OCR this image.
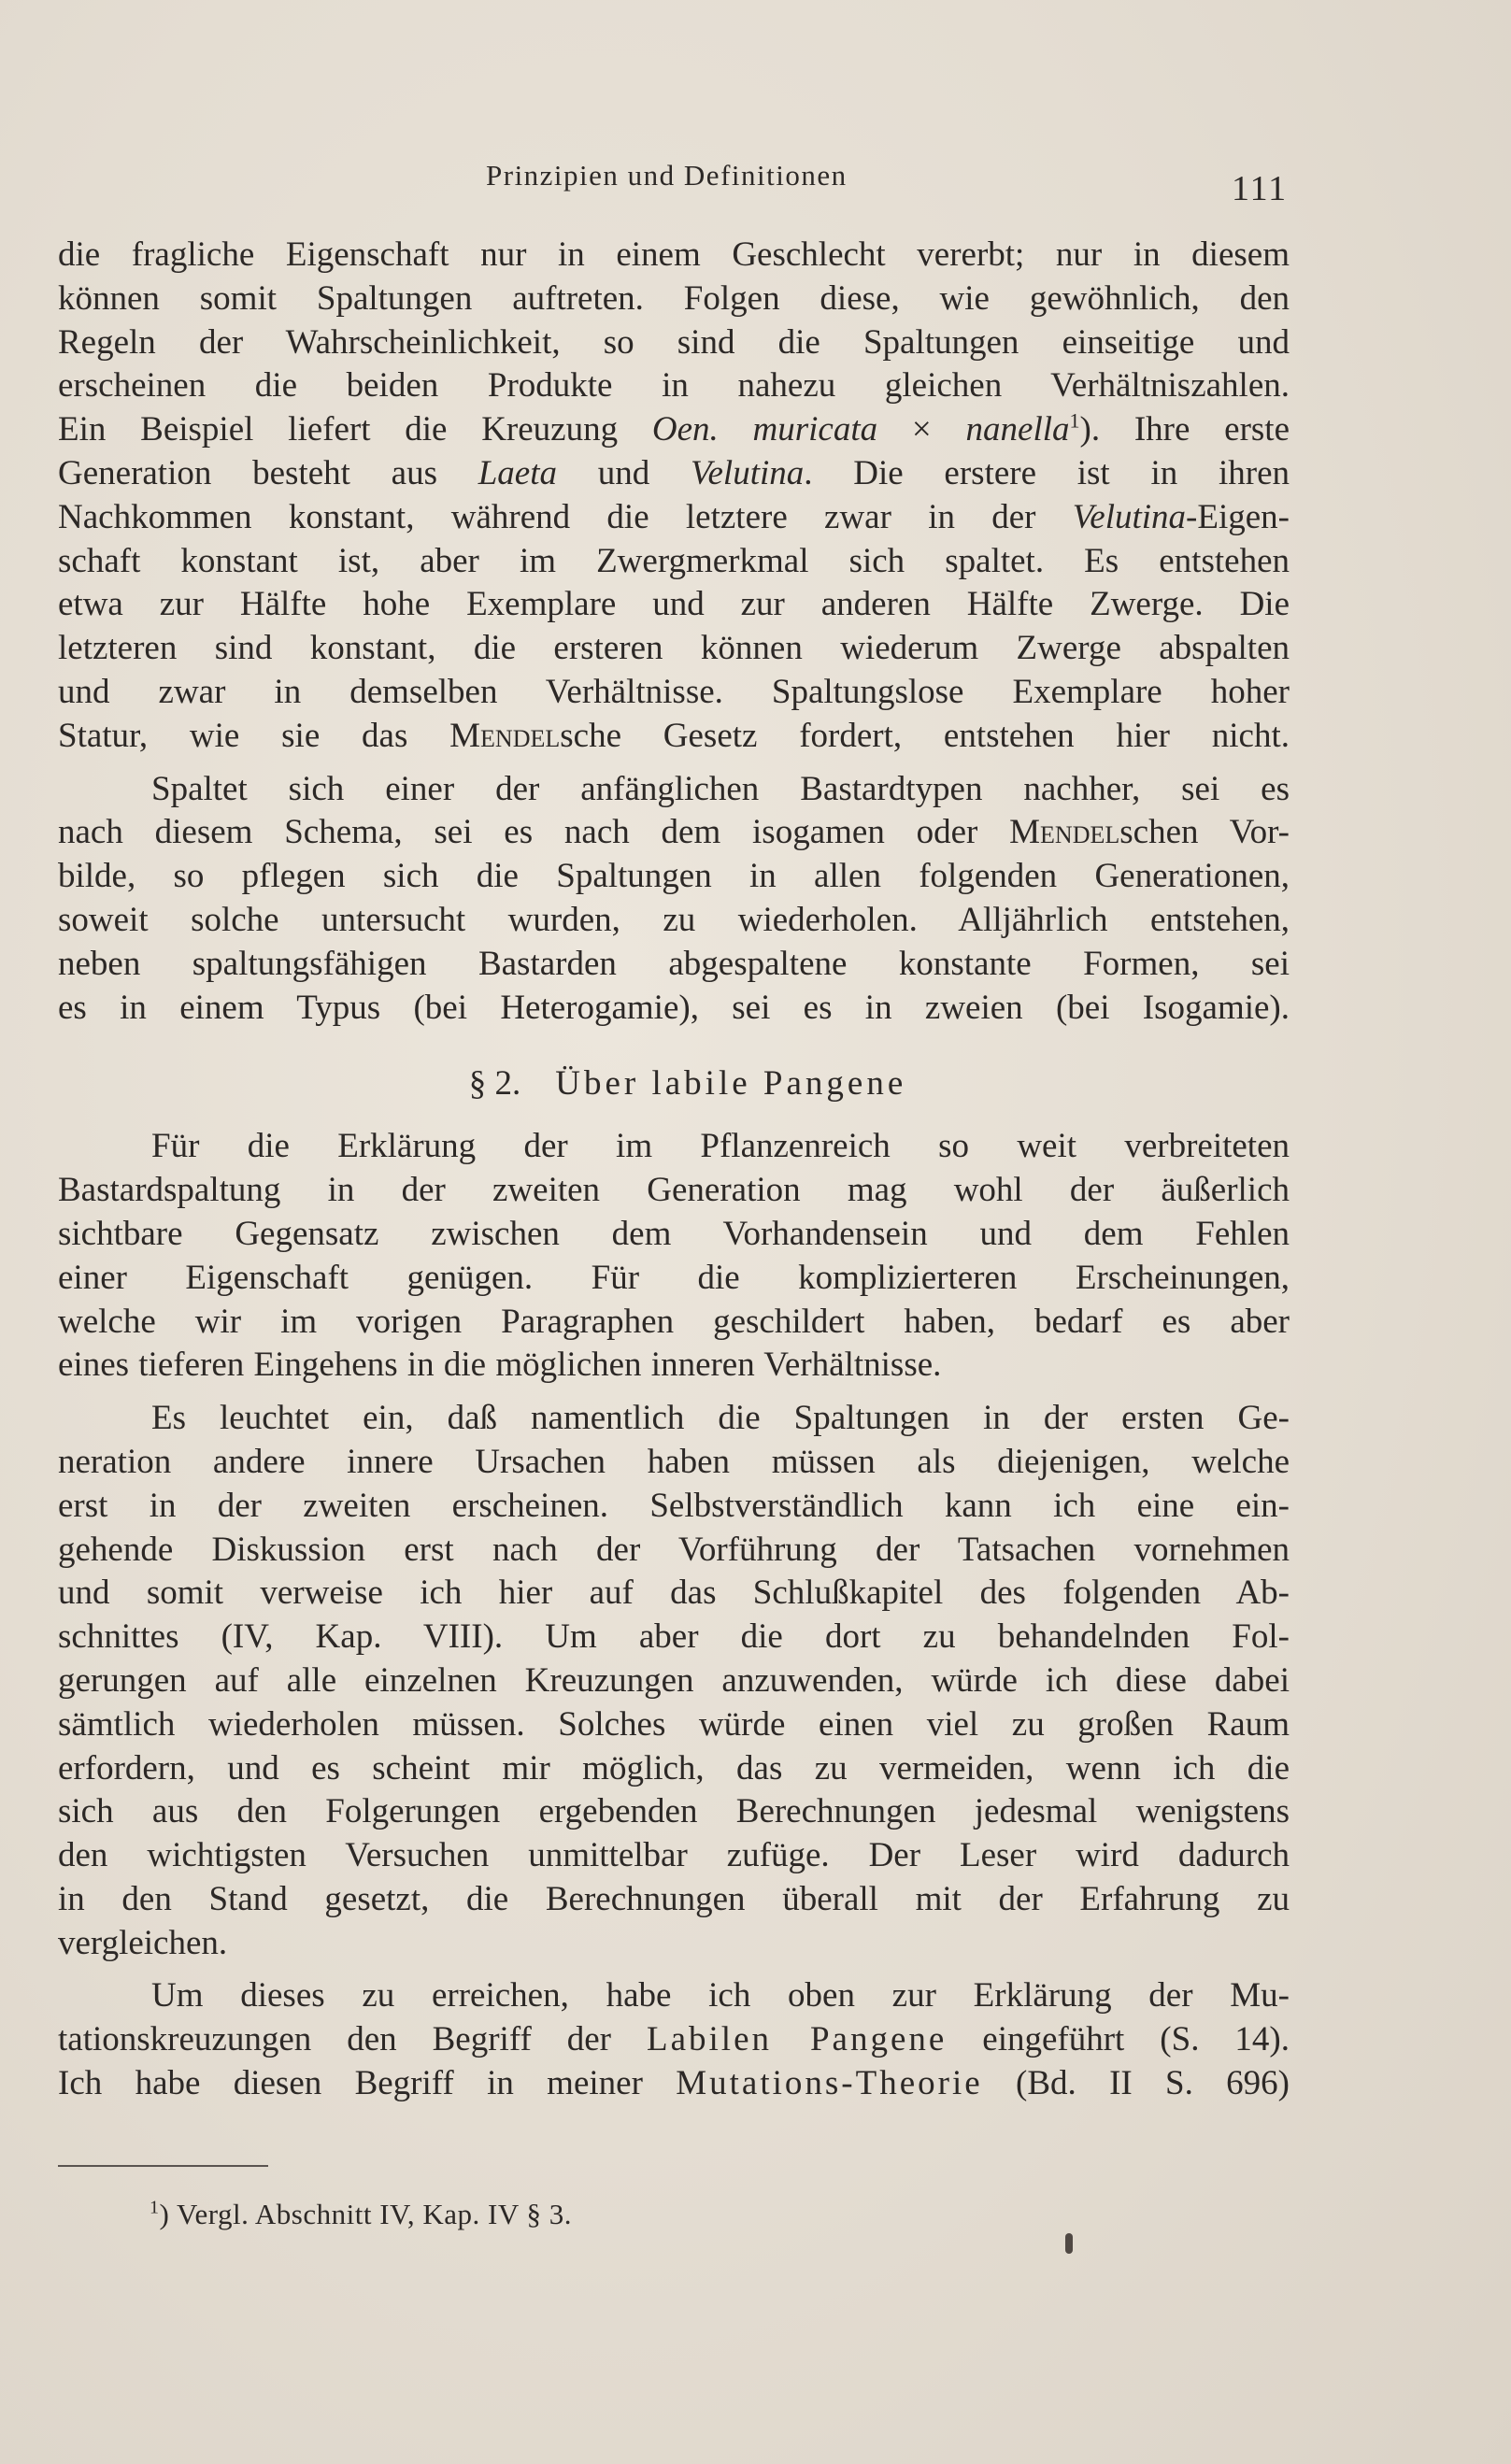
Prinzipien und Definitionen	111
die fragliche Eigenschaft nur in einem Geschlecht vererbt; nur in diesem
können somit Spaltungen auftreten. Folgen diese, wie gewöhnlich, den
Regeln der Wahrscheinlichkeit, so sind die Spaltungen einseitige und
erscheinen die beiden Produkte in nahezu gleichen Verhältniszahlen.
Ein Beispiel liefert die Kreuzung Oen. muricata × nanella$^1$). Ihre erste
Generation besteht aus Laeta und Velutina. Die erstere ist in ihren
Nachkommen konstant, während die letztere zwar in der Velutina-Eigen-
schaft konstant ist, aber im Zwergmerkmal sich spaltet. Es entstehen
etwa zur Hälfte hohe Exemplare und zur anderen Hälfte Zwerge. Die
letzteren sind konstant, die ersteren können wiederum Zwerge abspalten
und zwar in demselben Verhältnisse. Spaltungslose Exemplare hoher
Statur, wie sie das Mendelsche Gesetz fordert, entstehen hier nicht.
Spaltet sich einer der anfänglichen Bastardtypen nachher, sei es
nach diesem Schema, sei es nach dem isogamen oder Mendelschen Vor-
bilde, so pflegen sich die Spaltungen in allen folgenden Generationen,
soweit solche untersucht wurden, zu wiederholen. Alljährlich entstehen,
neben spaltungsfähigen Bastarden abgespaltene konstante Formen, sei
es in einem Typus (bei Heterogamie), sei es in zweien (bei Isogamie).
§ 2. Über labile Pangene
Für die Erklärung der im Pflanzenreich so weit verbreiteten
Bastardspaltung in der zweiten Generation mag wohl der äußerlich
sichtbare Gegensatz zwischen dem Vorhandensein und dem Fehlen
einer Eigenschaft genügen. Für die komplizierteren Erscheinungen,
welche wir im vorigen Paragraphen geschildert haben, bedarf es aber
eines tieferen Eingehens in die möglichen inneren Verhältnisse.
Es leuchtet ein, daß namentlich die Spaltungen in der ersten Ge-
neration andere innere Ursachen haben müssen als diejenigen, welche
erst in der zweiten erscheinen. Selbstverständlich kann ich eine ein-
gehende Diskussion erst nach der Vorführung der Tatsachen vornehmen
und somit verweise ich hier auf das Schlußkapitel des folgenden Ab-
schnittes (IV, Kap. VIII). Um aber die dort zu behandelnden Fol-
gerungen auf alle einzelnen Kreuzungen anzuwenden, würde ich diese dabei
sämtlich wiederholen müssen. Solches würde einen viel zu großen Raum
erfordern, und es scheint mir möglich, das zu vermeiden, wenn ich die
sich aus den Folgerungen ergebenden Berechnungen jedesmal wenigstens
den wichtigsten Versuchen unmittelbar zufüge. Der Leser wird dadurch
in den Stand gesetzt, die Berechnungen überall mit der Erfahrung zu
vergleichen.
Um dieses zu erreichen, habe ich oben zur Erklärung der Mu-
tationskreuzungen den Begriff der Labilen Pangene eingeführt (S. 14).
Ich habe diesen Begriff in meiner Mutations-Theorie (Bd. II S. 696)
$^1$) Vergl. Abschnitt IV, Kap. IV § 3.
